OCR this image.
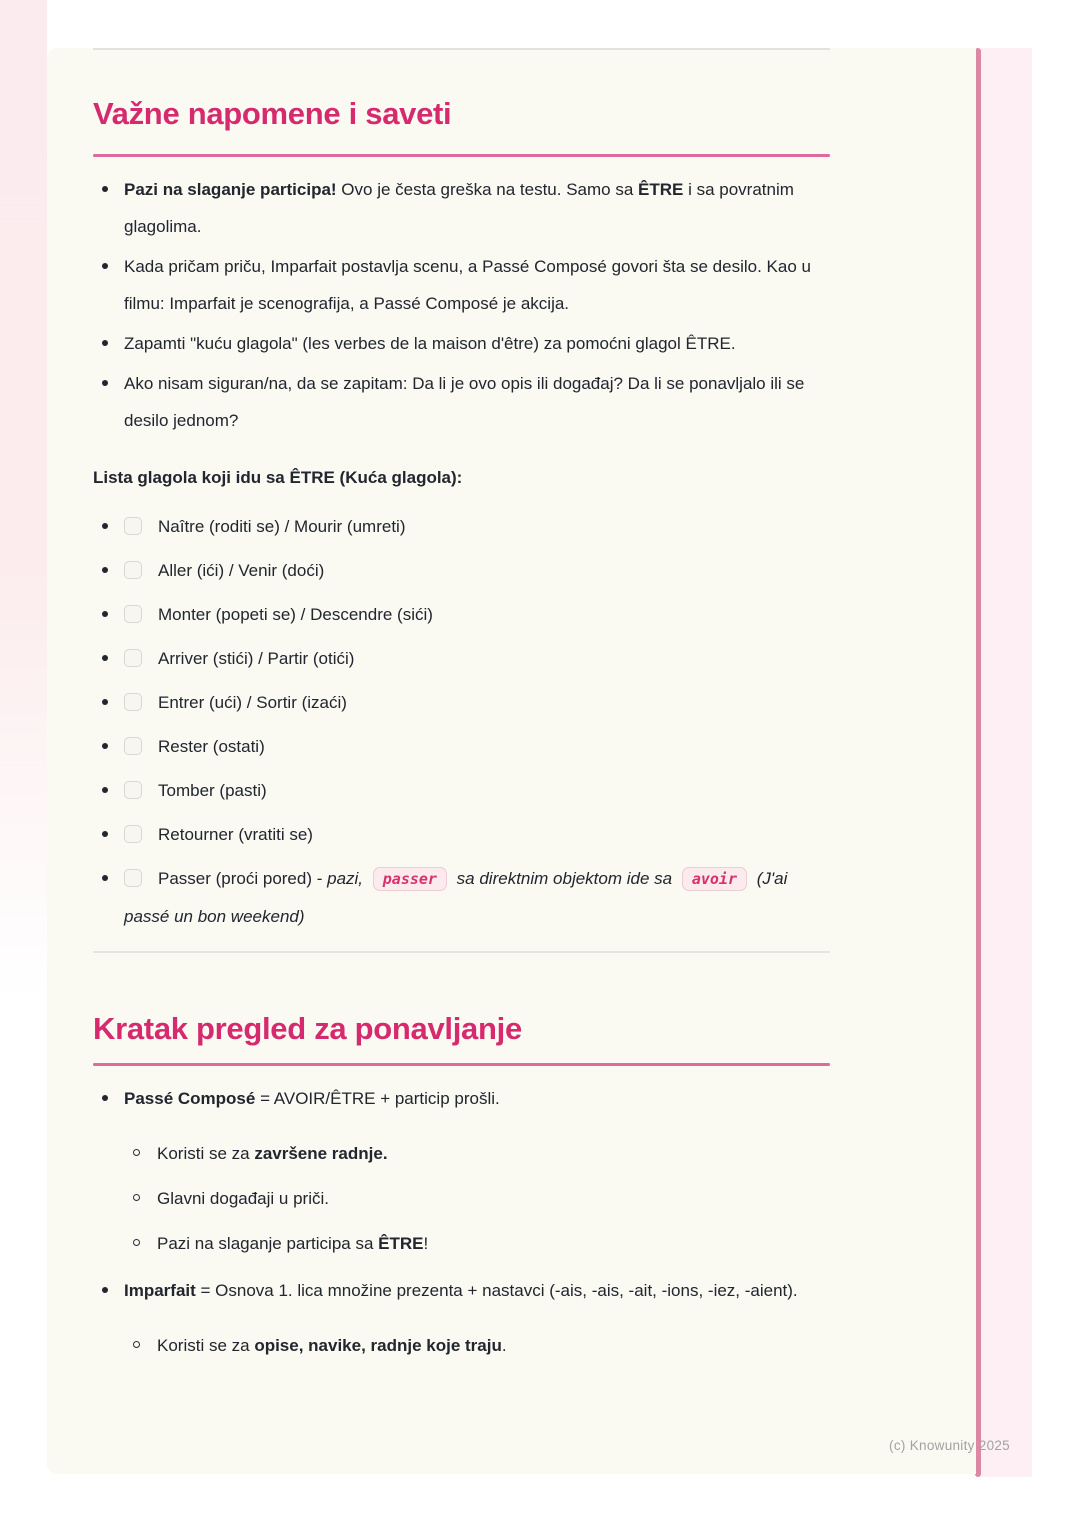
Važne napomene i saveti
Pazi na slaganje participa! Ovo je česta greška na testu. Samo sa ÊTRE i sa povratnim glagolima.
Kada pričam priču, Imparfait postavlja scenu, a Passé Composé govori šta se desilo. Kao u filmu: Imparfait je scenografija, a Passé Composé je akcija.
Zapamti "kuću glagola" (les verbes de la maison d'être) za pomoćni glagol ÊTRE.
Ako nisam siguran/na, da se zapitam: Da li je ovo opis ili događaj? Da li se ponavljalo ili se desilo jednom?

Lista glagola koji idu sa ÊTRE (Kuća glagola):

Naître (roditi se) / Mourir (umreti)
Aller (ići) / Venir (doći)
Monter (popeti se) / Descendre (sići)
Arriver (stići) / Partir (otići)
Entrer (ući) / Sortir (izaći)
Rester (ostati)
Tomber (pasti)
Retourner (vratiti se)
Passer (proći pored) - pazi, passer sa direktnim objektom ide sa avoir (J'ai passé un bon weekend)
Kratak pregled za ponavljanje
Passé Composé = AVOIR/ÊTRE + particip prošli.
Koristi se za završene radnje.
Glavni događaji u priči.
Pazi na slaganje participa sa ÊTRE!
Imparfait = Osnova 1. lica množine prezenta + nastavci (-ais, -ais, -ait, -ions, -iez, -aient).
Koristi se za opise, navike, radnje koje traju.
(c) Knowunity 2025
